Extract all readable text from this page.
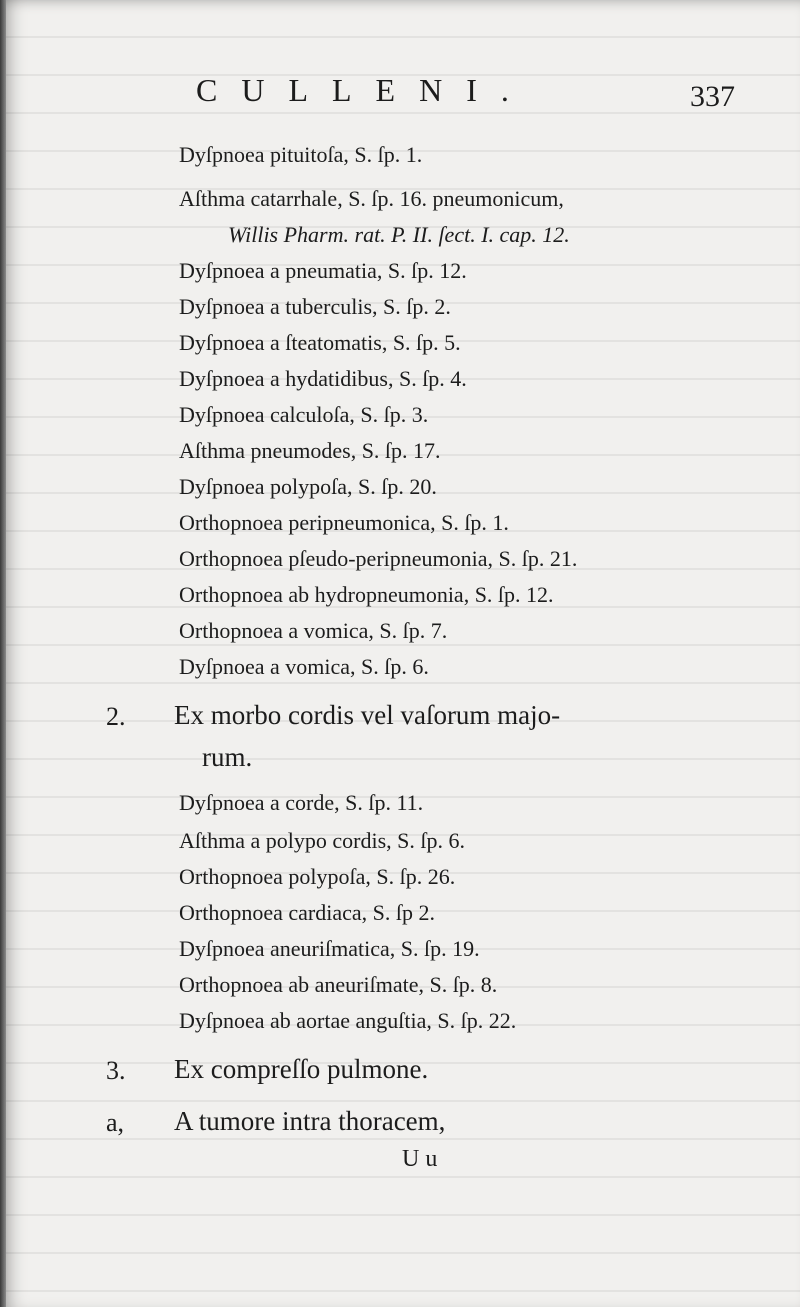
CULLENI.	337
Dyſpnoea pituitoſa, S. ſp. 1.
Aſthma catarrhale, S. ſp. 16. pneumonicum,
Willis Pharm. rat. P. II. ſect. I. cap. 12.
Dyſpnoea a pneumatia, S. ſp. 12.
Dyſpnoea a tuberculis, S. ſp. 2.
Dyſpnoea a ſteatomatis, S. ſp. 5.
Dyſpnoea a hydatidibus, S. ſp. 4.
Dyſpnoea calculoſa, S. ſp. 3.
Aſthma pneumodes, S. ſp. 17.
Dyſpnoea polypoſa, S. ſp. 20.
Orthopnoea peripneumonica, S. ſp. 1.
Orthopnoea pſeudo-peripneumonia, S. ſp. 21.
Orthopnoea ab hydropneumonia, S. ſp. 12.
Orthopnoea a vomica, S. ſp. 7.
Dyſpnoea a vomica, S. ſp. 6.
2. Ex morbo cordis vel vaſorum majo-
rum.
Dyſpnoea a corde, S. ſp. 11.
Aſthma a polypo cordis, S. ſp. 6.
Orthopnoea polypoſa, S. ſp. 26.
Orthopnoea cardiaca, S. ſp 2.
Dyſpnoea aneuriſmatica, S. ſp. 19.
Orthopnoea ab aneuriſmate, S. ſp. 8.
Dyſpnoea ab aortae anguſtia, S. ſp. 22.
3. Ex compreſſo pulmone.
a, A tumore intra thoracem,
U u
